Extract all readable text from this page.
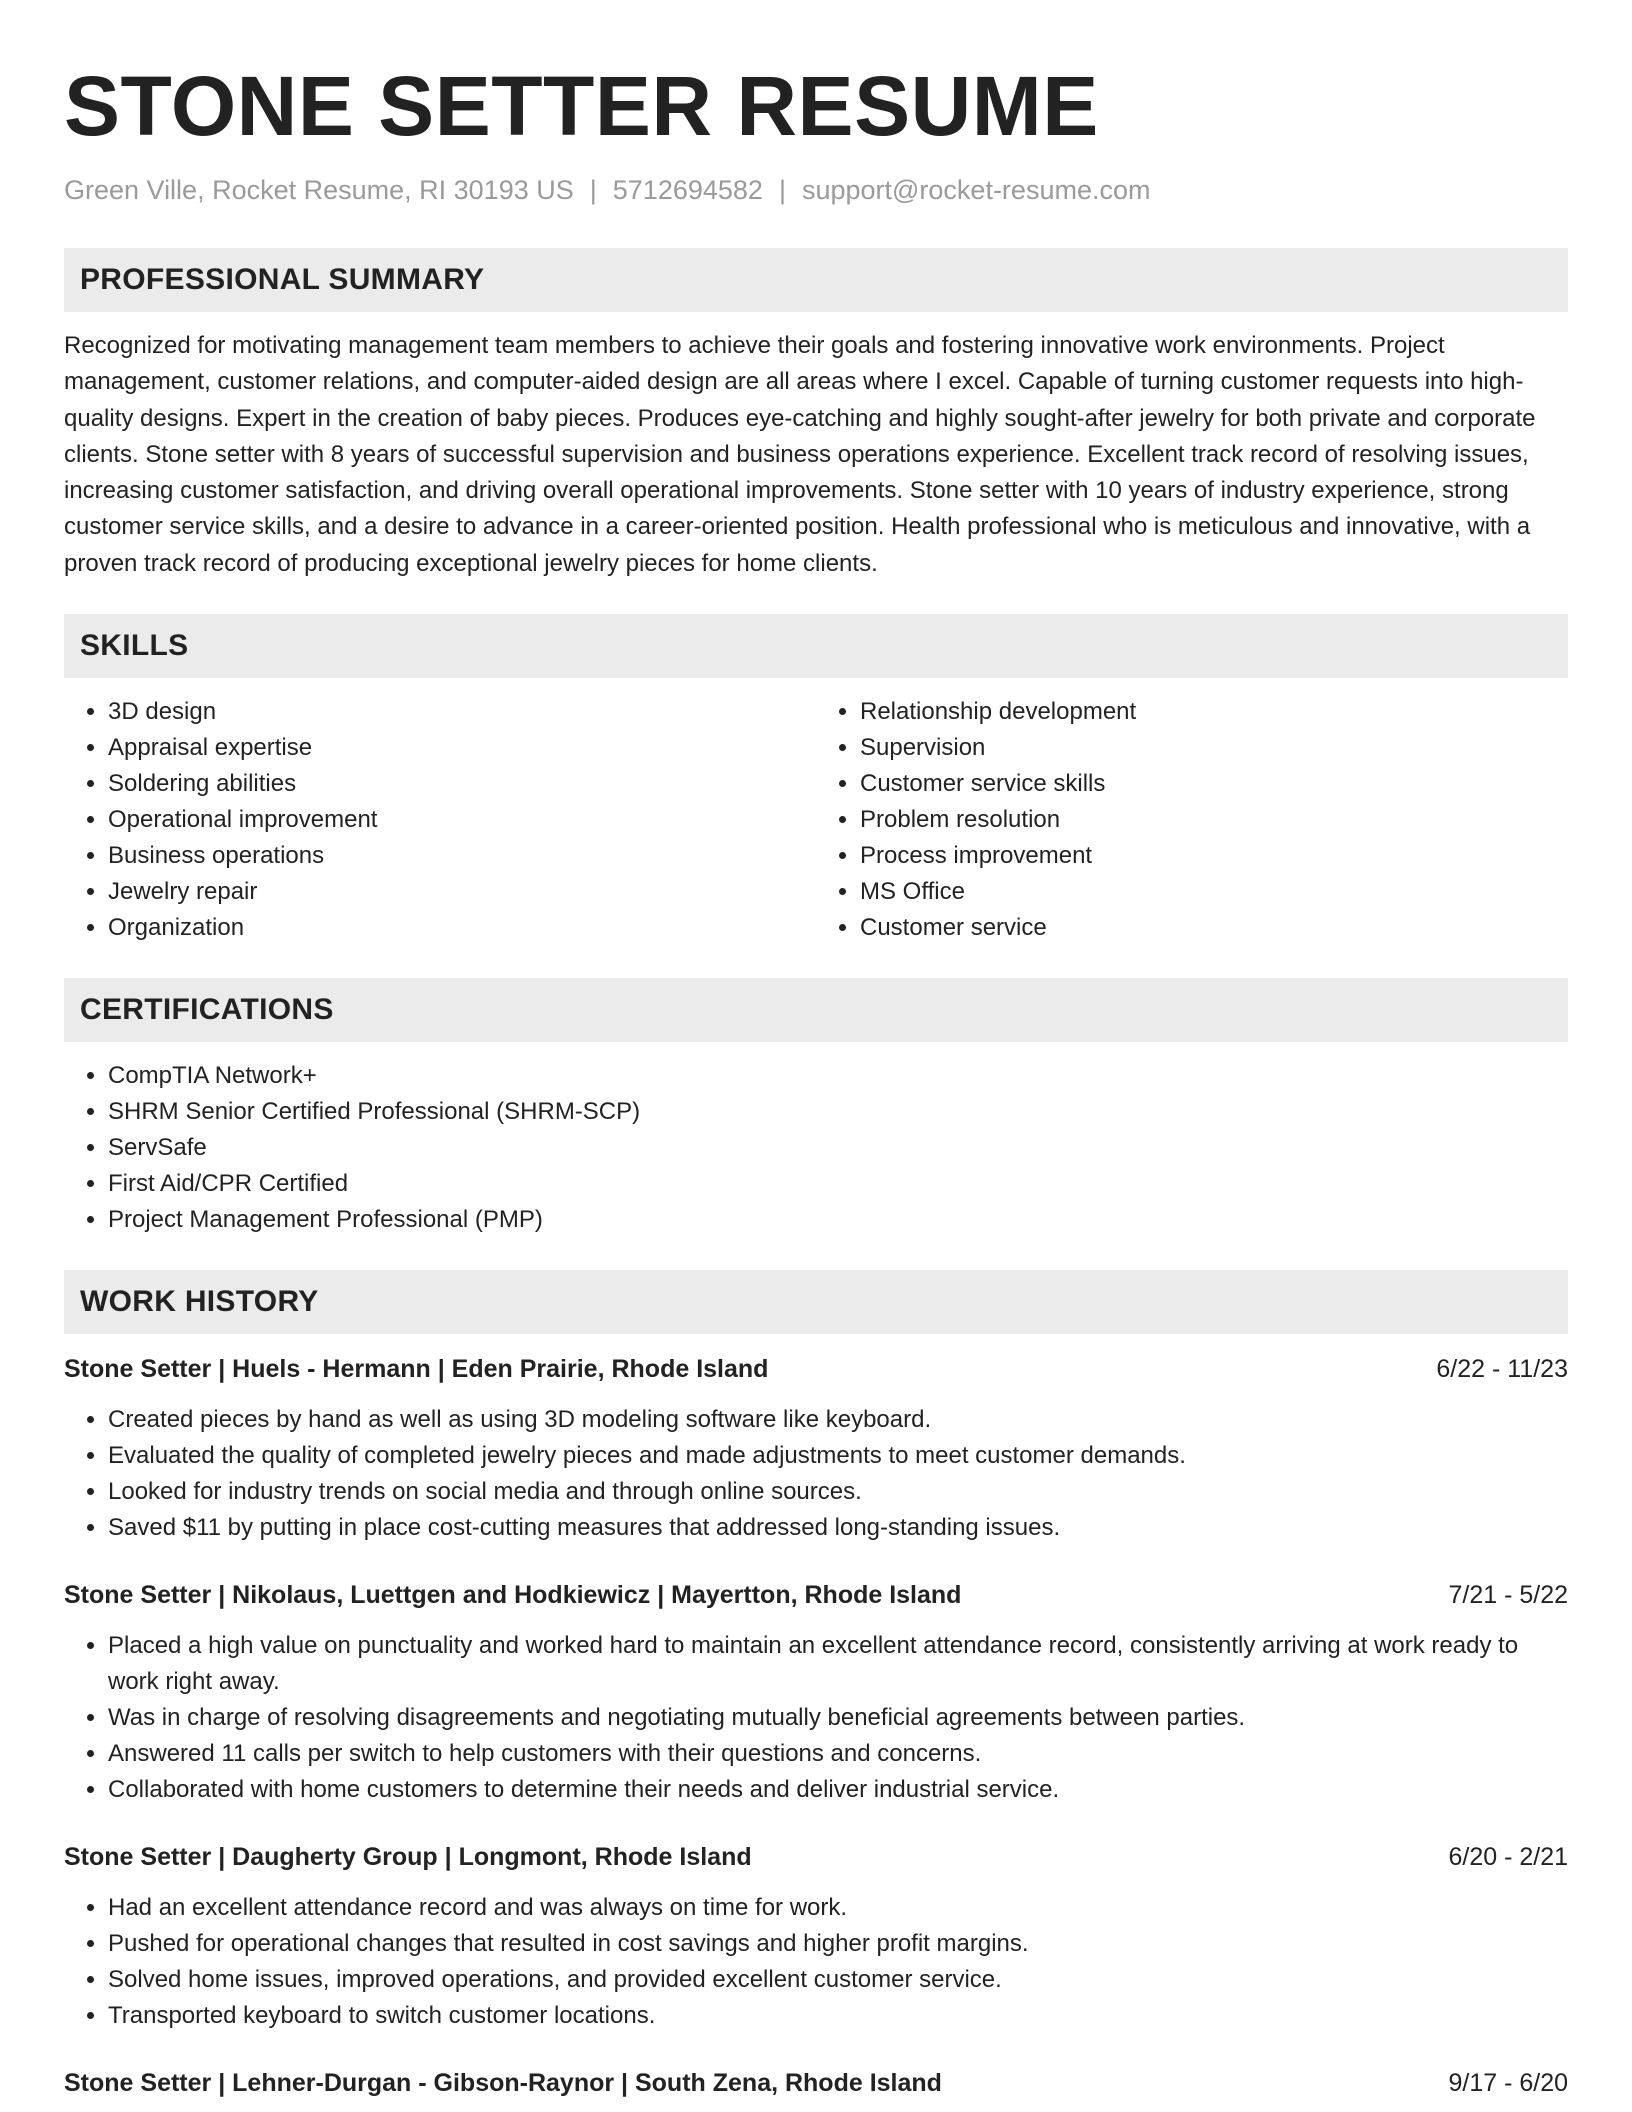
STONE SETTER RESUME
Green Ville, Rocket Resume, RI 30193 US | 5712694582 | support@rocket-resume.com
PROFESSIONAL SUMMARY

Recognized for motivating management team members to achieve their goals and fostering innovative work environments. Project management, customer relations, and computer-aided design are all areas where I excel. Capable of turning customer requests into high-quality designs. Expert in the creation of baby pieces. Produces eye-catching and highly sought-after jewelry for both private and corporate clients. Stone setter with 8 years of successful supervision and business operations experience. Excellent track record of resolving issues, increasing customer satisfaction, and driving overall operational improvements. Stone setter with 10 years of industry experience, strong customer service skills, and a desire to advance in a career-oriented position. Health professional who is meticulous and innovative, with a proven track record of producing exceptional jewelry pieces for home clients.

SKILLS
• 3D design
• Appraisal expertise
• Soldering abilities
• Operational improvement
• Business operations
• Jewelry repair
• Organization
• Relationship development
• Supervision
• Customer service skills
• Problem resolution
• Process improvement
• MS Office
• Customer service
CERTIFICATIONS
• CompTIA Network+
• SHRM Senior Certified Professional (SHRM-SCP)
• ServSafe
• First Aid/CPR Certified
• Project Management Professional (PMP)
WORK HISTORY
Stone Setter | Huels - Hermann | Eden Prairie, Rhode Island	6/22 - 11/23
• Created pieces by hand as well as using 3D modeling software like keyboard.
• Evaluated the quality of completed jewelry pieces and made adjustments to meet customer demands.
• Looked for industry trends on social media and through online sources.
• Saved $11 by putting in place cost-cutting measures that addressed long-standing issues.
Stone Setter | Nikolaus, Luettgen and Hodkiewicz | Mayertton, Rhode Island	7/21 - 5/22
• Placed a high value on punctuality and worked hard to maintain an excellent attendance record, consistently arriving at work ready to work right away.
• Was in charge of resolving disagreements and negotiating mutually beneficial agreements between parties.
• Answered 11 calls per switch to help customers with their questions and concerns.
• Collaborated with home customers to determine their needs and deliver industrial service.
Stone Setter | Daugherty Group | Longmont, Rhode Island	6/20 - 2/21
• Had an excellent attendance record and was always on time for work.
• Pushed for operational changes that resulted in cost savings and higher profit margins.
• Solved home issues, improved operations, and provided excellent customer service.
• Transported keyboard to switch customer locations.
Stone Setter | Lehner-Durgan - Gibson-Raynor | South Zena, Rhode Island	9/17 - 6/20
